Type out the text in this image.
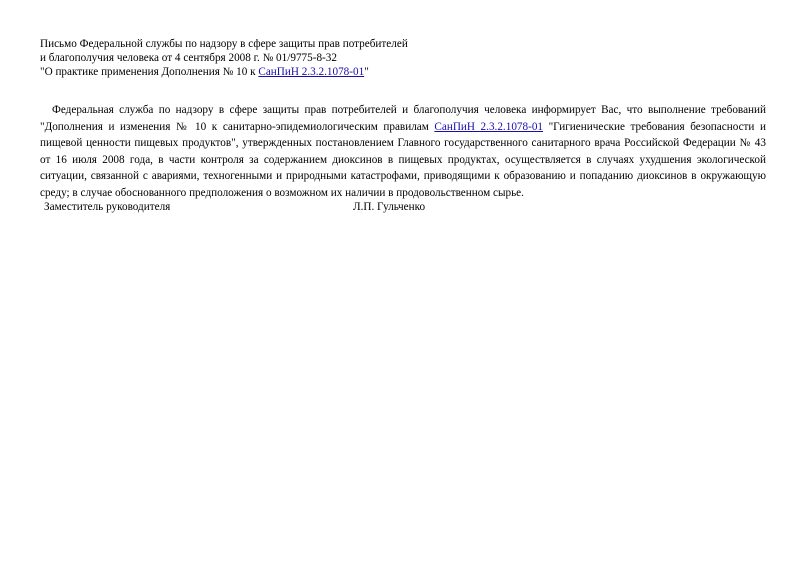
Письмо Федеральной службы по надзору в сфере защиты прав потребителей
и благополучия человека от 4 сентября 2008 г. № 01/9775-8-32
"О практике применения Дополнения № 10 к СанПиН 2.3.2.1078-01"

Федеральная служба по надзору в сфере защиты прав потребителей и благополучия человека информирует Вас, что выполнение требований "Дополнения и изменения № 10 к санитарно-эпидемиологическим правилам СанПиН 2.3.2.1078-01 "Гигиенические требования безопасности и пищевой ценности пищевых продуктов", утвержденных постановлением Главного государственного санитарного врача Российской Федерации № 43 от 16 июля 2008 года, в части контроля за содержанием диоксинов в пищевых продуктах, осуществляется в случаях ухудшения экологической ситуации, связанной с авариями, техногенными и природными катастрофами, приводящими к образованию и попаданию диоксинов в окружающую среду; в случае обоснованного предположения о возможном их наличии в продовольственном сырье.

Заместитель руководителя	Л.П. Гульченко
